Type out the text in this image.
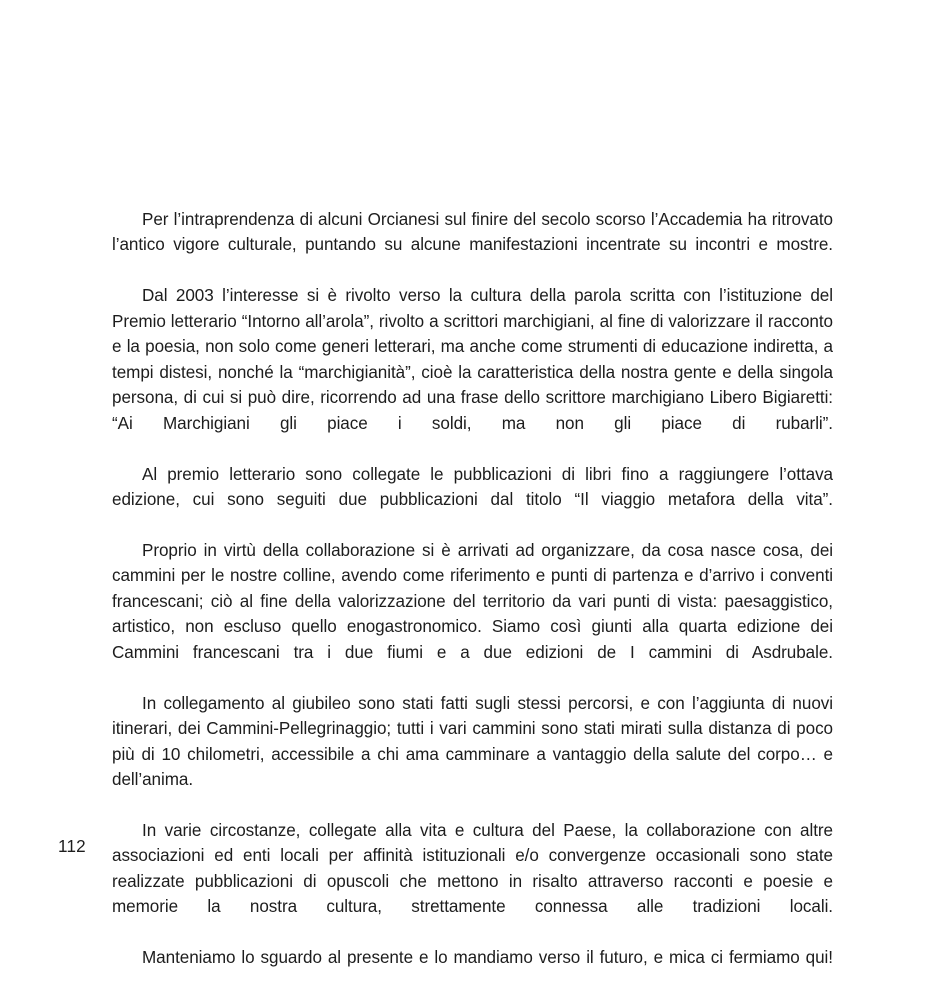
Per l’intraprendenza di alcuni Orcianesi sul finire del secolo scorso l’Accademia ha ritrovato l’antico vigore culturale, puntando su alcune manifestazioni incentrate su incontri e mostre.

Dal 2003 l’interesse si è rivolto verso la cultura della parola scritta con l’istituzione del Premio letterario “Intorno all’arola”, rivolto a scrittori marchigiani, al fine di valorizzare il racconto e la poesia, non solo come generi letterari, ma anche come strumenti di educazione indiretta, a tempi distesi, nonché la “marchigianità”, cioè la caratteristica della nostra gente e della singola persona, di cui si può dire, ricorrendo ad una frase dello scrittore marchigiano Libero Bigiaretti: “Ai Marchigiani gli piace i soldi, ma non gli piace di rubarli”.

Al premio letterario sono collegate le pubblicazioni di libri fino a raggiungere l’ottava edizione, cui sono seguiti due pubblicazioni dal titolo “Il viaggio metafora della vita”.

Proprio in virtù della collaborazione si è arrivati ad organizzare, da cosa nasce cosa, dei cammini per le nostre colline, avendo come riferimento e punti di partenza e d’arrivo i conventi francescani; ciò al fine della valorizzazione del territorio da vari punti di vista: paesaggistico, artistico, non escluso quello enogastronomico. Siamo così giunti alla quarta edizione dei Cammini francescani tra i due fiumi e a due edizioni de I cammini di Asdrubale.

In collegamento al giubileo sono stati fatti sugli stessi percorsi, e con l’aggiunta di nuovi itinerari, dei Cammini-Pellegrinaggio; tutti i vari cammini sono stati mirati sulla distanza di poco più di 10 chilometri, accessibile a chi ama camminare a vantaggio della salute del corpo… e dell’anima.

In varie circostanze, collegate alla vita e cultura del Paese, la collaborazione con altre associazioni ed enti locali per affinità istituzionali e/o convergenze occasionali sono state realizzate pubblicazioni di opuscoli che mettono in risalto attraverso racconti e poesie e memorie la nostra cultura, strettamente connessa alle tradizioni locali.

Manteniamo lo sguardo al presente e lo mandiamo verso il futuro, e mica ci fermiamo qui!

112
